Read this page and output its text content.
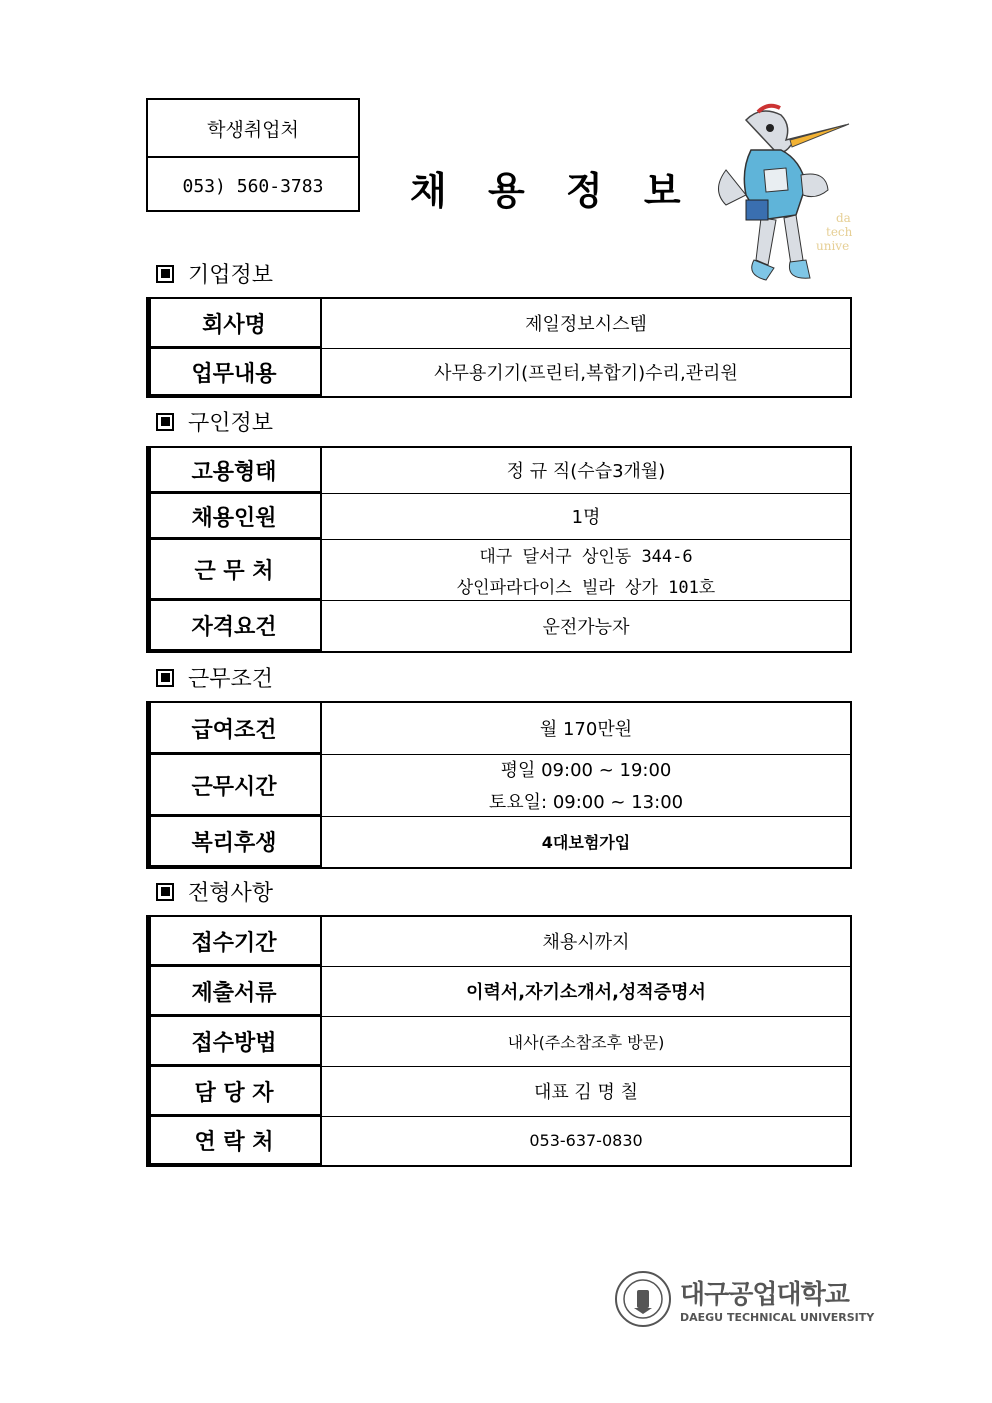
학생취업처
053) 560-3783	채 용 정 보
da
tech
unive
기업정보
회사명	제일정보시스템
업무내용	사무용기기(프린터,복합기)수리,관리원
구인정보
고용형태	정 규 직(수습3개월)
채용인원	1명
근 무 처	대구 달서구 상인동 344-6
상인파라다이스 빌라 상가 101호

자격요건	운전가능자
근무조건
급여조건	월 170만원
근무시간	평일 09:00 ~ 19:00
토요일: 09:00 ~ 13:00

복리후생	4대보험가입
전형사항
접수기간	채용시까지
제출서류	이력서,자기소개서,성적증명서
접수방법	내사(주소참조후 방문)
담 당 자	대표 김 명 칠
연 락 처	053-637-0830
대구공업대학교
DAEGU TECHNICAL UNIVERSITY
